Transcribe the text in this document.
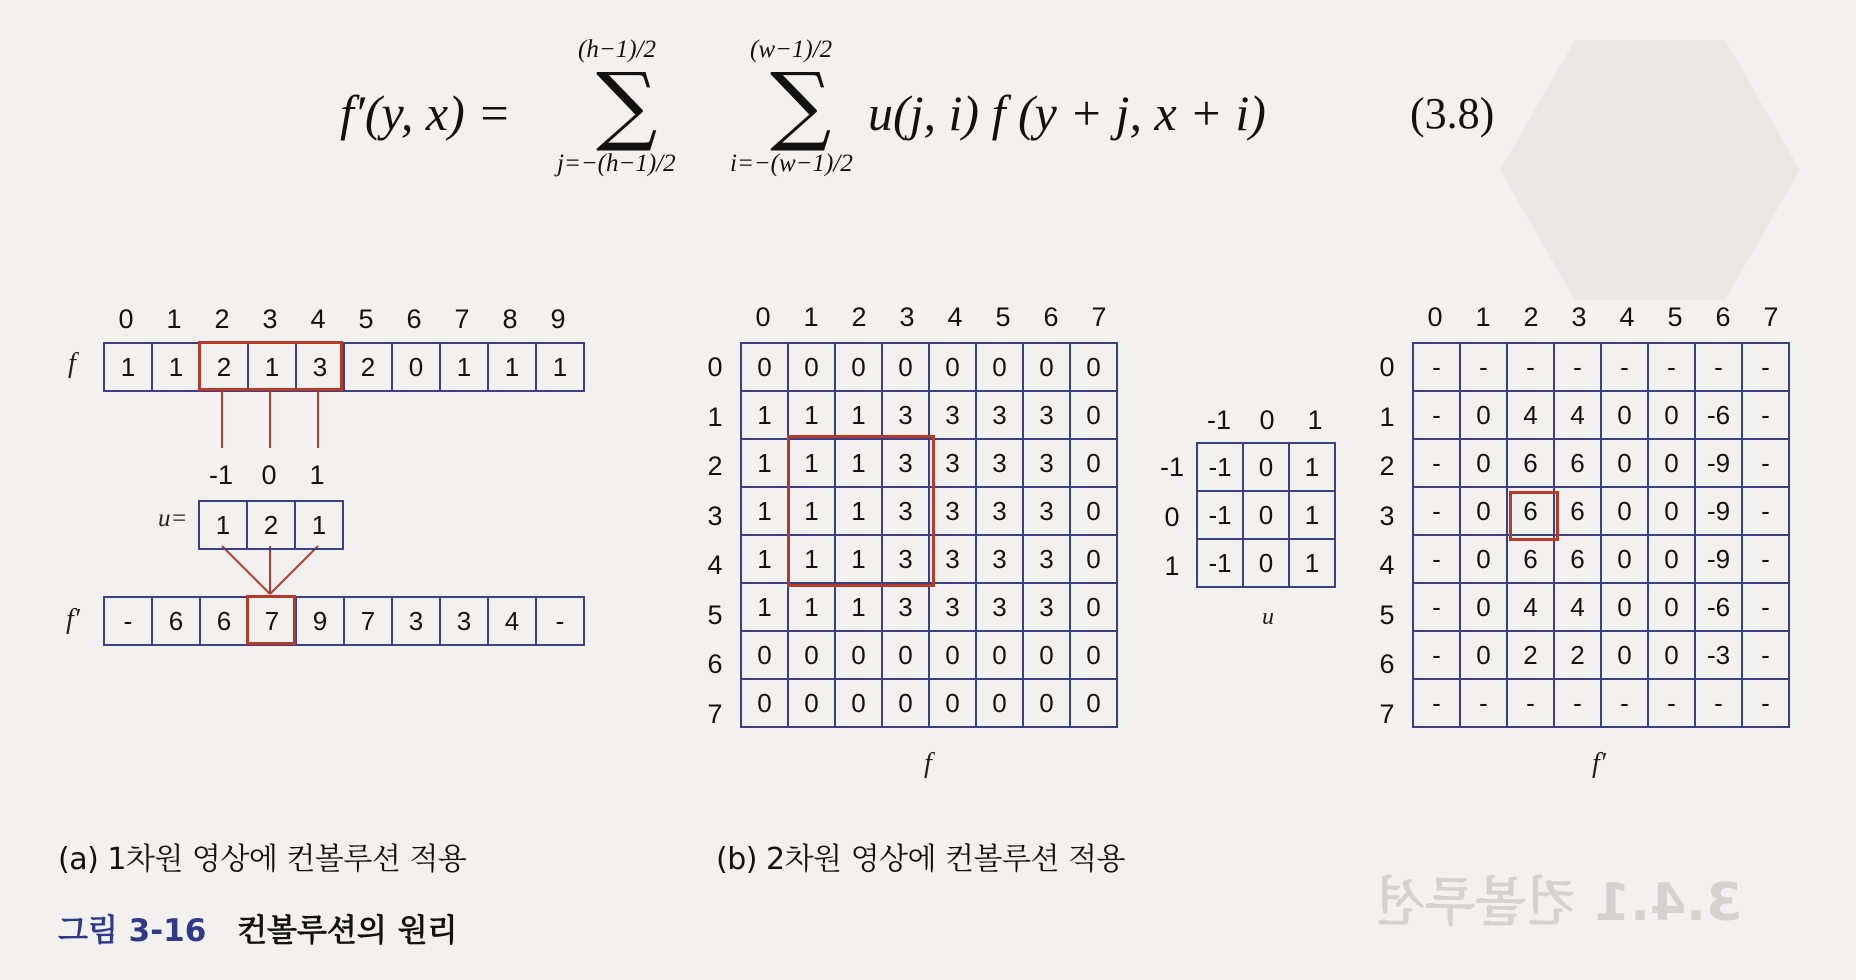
3.4.1 컨볼루션
f′(y, x) =
(h−1)/2
∑
j=−(h−1)/2
(w−1)/2
∑
i=−(w−1)/2
u(j, i) f (y + j, x + i)	(3.8)
0	1	2	3	4	5	6	7	8	9
f 1	1	2	1	3	2	0	1	1	1
-1	0	1
u= 1	2	1
f′ -	6	6	7	9	7	3	3	4	-
(a) 1차원 영상에 컨볼루션 적용
0	1	2	3	4	5	6	7
0
1
2
3
4
5
6
7
0	0	0	0	0	0	0	0
1	1	1	3	3	3	3	0
1	1	1	3	3	3	3	0
1	1	1	3	3	3	3	0
1	1	1	3	3	3	3	0
1	1	1	3	3	3	3	0
0	0	0	0	0	0	0	0
0	0	0	0	0	0	0	0
f
-1	0	1
-1
0
1
-1	0	1
-1	0	1
-1	0	1
u
0	1	2	3	4	5	6	7
0
1
2
3
4
5
6
7
-	-	-	-	-	-	-	-
-	0	4	4	0	0	-6	-
-	0	6	6	0	0	-9	-
-	0	6	6	0	0	-9	-
-	0	6	6	0	0	-9	-
-	0	4	4	0	0	-6	-
-	0	2	2	0	0	-3	-
-	-	-	-	-	-	-	-
f′
(b) 2차원 영상에 컨볼루션 적용
그림 3-16 컨볼루션의 원리
